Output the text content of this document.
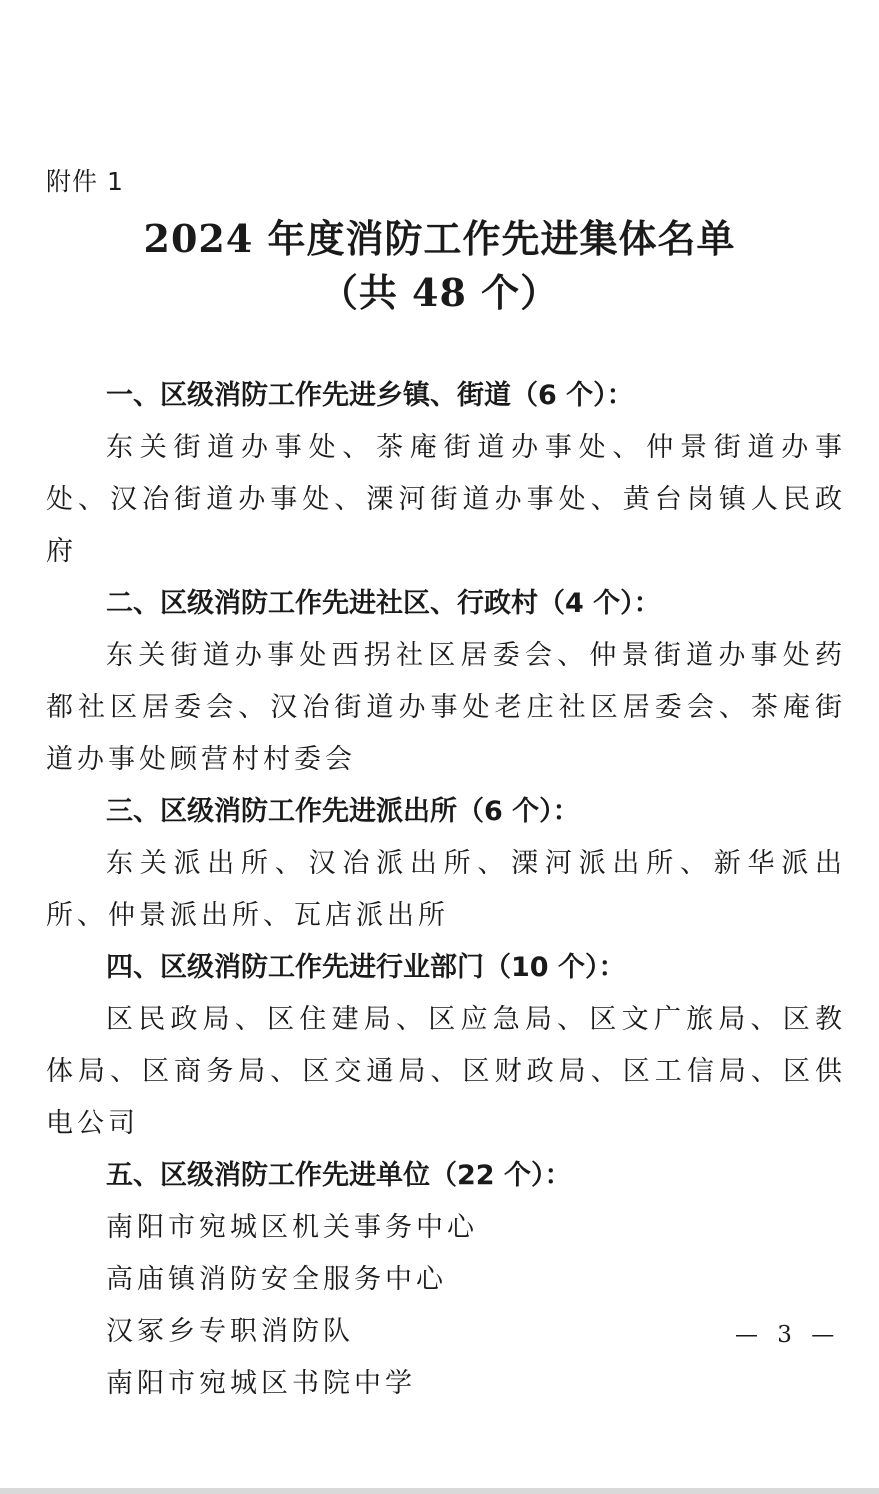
附件 1
2024 年度消防工作先进集体名单
（共 48 个）
一、区级消防工作先进乡镇、街道（6 个）：

东关街道办事处、茶庵街道办事处、仲景街道办事处、汉冶街道办事处、溧河街道办事处、黄台岗镇人民政府

二、区级消防工作先进社区、行政村（4 个）：

东关街道办事处西拐社区居委会、仲景街道办事处药都社区居委会、汉冶街道办事处老庄社区居委会、茶庵街道办事处顾营村村委会

三、区级消防工作先进派出所（6 个）：

东关派出所、汉冶派出所、溧河派出所、新华派出所、仲景派出所、瓦店派出所

四、区级消防工作先进行业部门（10 个）：

区民政局、区住建局、区应急局、区文广旅局、区教体局、区商务局、区交通局、区财政局、区工信局、区供电公司

五、区级消防工作先进单位（22 个）：
南阳市宛城区机关事务中心
高庙镇消防安全服务中心
汉冢乡专职消防队
南阳市宛城区书院中学
— 3 —
